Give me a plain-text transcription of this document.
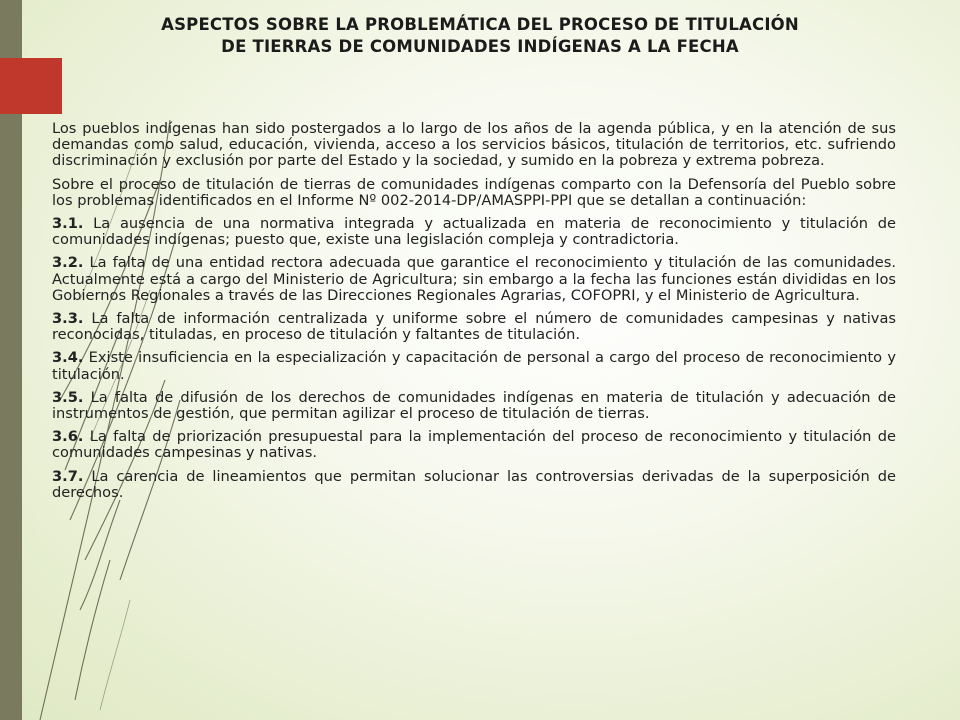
ASPECTOS SOBRE LA PROBLEMÁTICA DEL PROCESO DE TITULACIÓN
DE TIERRAS DE COMUNIDADES INDÍGENAS A LA FECHA

Los pueblos indígenas han sido postergados a lo largo de los años de la agenda pública, y en la atención de sus demandas como salud, educación, vivienda, acceso a los servicios básicos, titulación de territorios, etc. sufriendo discriminación y exclusión por parte del Estado y la sociedad, y sumido en la pobreza y extrema pobreza.

Sobre el proceso de titulación de tierras de comunidades indígenas comparto con la Defensoría del Pueblo sobre los problemas identificados en el Informe Nº 002-2014-DP/AMASPPI-PPI que se detallan a continuación:

3.1. La ausencia de una normativa integrada y actualizada en materia de reconocimiento y titulación de comunidades indígenas; puesto que, existe una legislación compleja y contradictoria.

3.2. La falta de una entidad rectora adecuada que garantice el reconocimiento y titulación de las comunidades. Actualmente está a cargo del Ministerio de Agricultura; sin embargo a la fecha las funciones están divididas en los Gobiernos Regionales a través de las Direcciones Regionales Agrarias, COFOPRI, y el Ministerio de Agricultura.

3.3. La falta de información centralizada y uniforme sobre el número de comunidades campesinas y nativas reconocidas, tituladas, en proceso de titulación y faltantes de titulación.

3.4. Existe insuficiencia en la especialización y capacitación de personal a cargo del proceso de reconocimiento y titulación.

3.5. La falta de difusión de los derechos de comunidades indígenas en materia de titulación y adecuación de instrumentos de gestión, que permitan agilizar el proceso de titulación de tierras.

3.6. La falta de priorización presupuestal para la implementación del proceso de reconocimiento y titulación de comunidades campesinas y nativas.

3.7. La carencia de lineamientos que permitan solucionar las controversias derivadas de la superposición de derechos.
